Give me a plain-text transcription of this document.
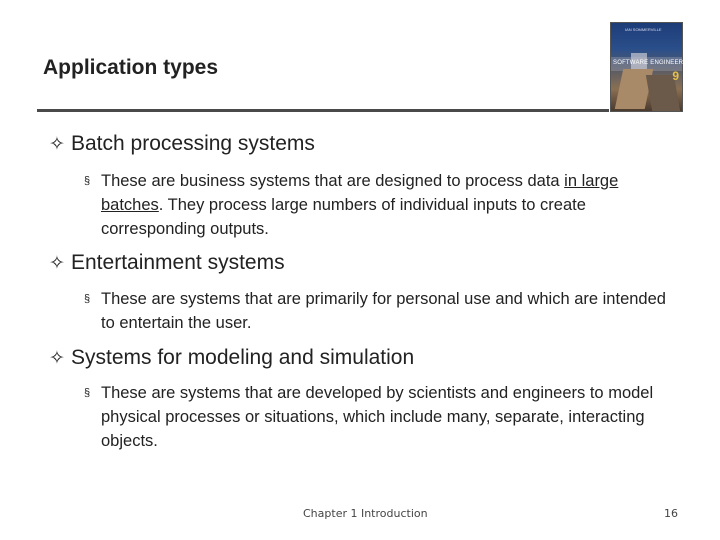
Application types
IAN SOMMERVILLE
SOFTWARE ENGINEERING
9
✧ Batch processing systems
§ These are business systems that are designed to process data in large batches. They process large numbers of individual inputs to create corresponding outputs.
✧ Entertainment systems
§ These are systems that are primarily for personal use and which are intended to entertain the user.
✧ Systems for modeling and simulation
§ These are systems that are developed by scientists and engineers to model physical processes or situations, which include many, separate, interacting objects.
Chapter 1 Introduction	16
